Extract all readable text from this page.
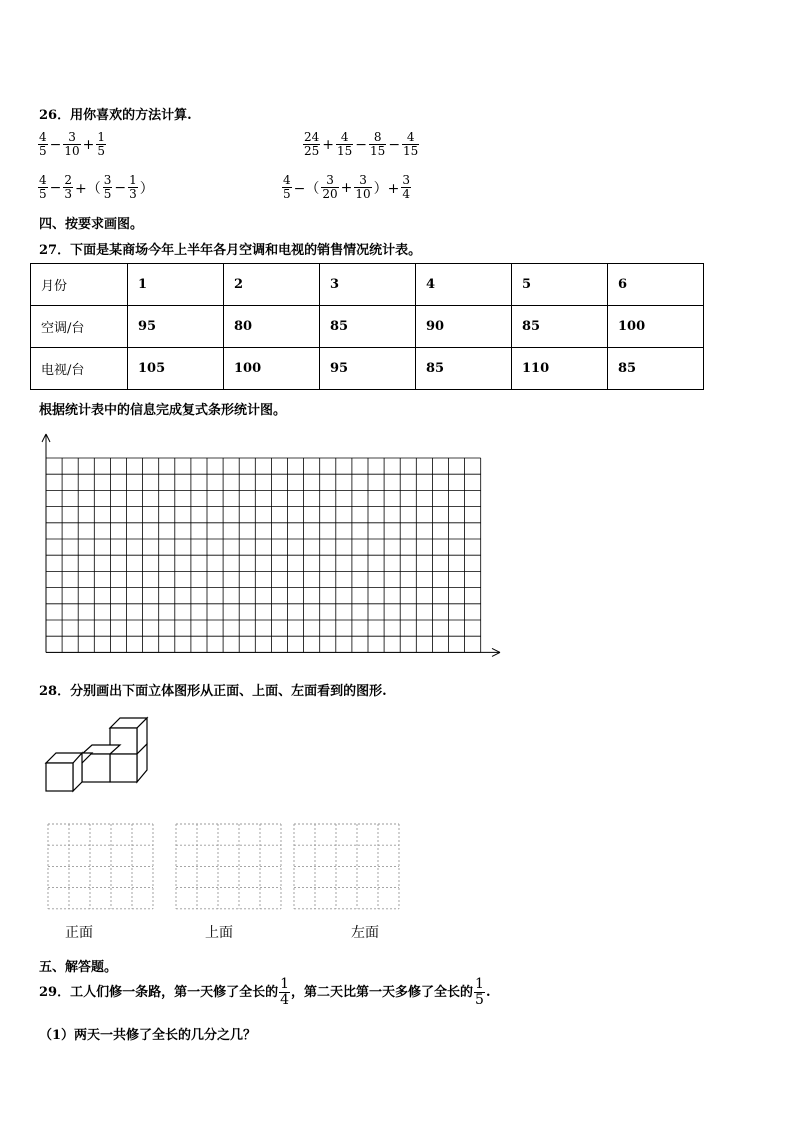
26．用你喜欢的方法计算.
$\frac{4}{5} - \frac{3}{10} + \frac{1}{5}$	$\frac{24}{25} + \frac{4}{15} - \frac{8}{15} - \frac{4}{15}$
$\frac{4}{5} - \frac{2}{3}$ +（ $\frac{3}{5} - \frac{1}{3}$ ）	$\frac{4}{5}$ −（ $\frac{3}{20} + \frac{3}{10}$ ）+ $\frac{3}{4}$
四、按要求画图。
27．下面是某商场今年上半年各月空调和电视的销售情况统计表。
月份	1	2	3	4	5	6
空调/台	95	80	85	90	85	100
电视/台	105	100	95	85	110	85
根据统计表中的信息完成复式条形统计图。
28．分别画出下面立体图形从正面、上面、左面看到的图形.
正面	上面	左面
五、解答题。
29．工人们修一条路，第一天修了全长的 $\frac{1}{4}$ ，第二天比第一天多修了全长的 $\frac{1}{5}$ .
（1）两天一共修了全长的几分之几？
